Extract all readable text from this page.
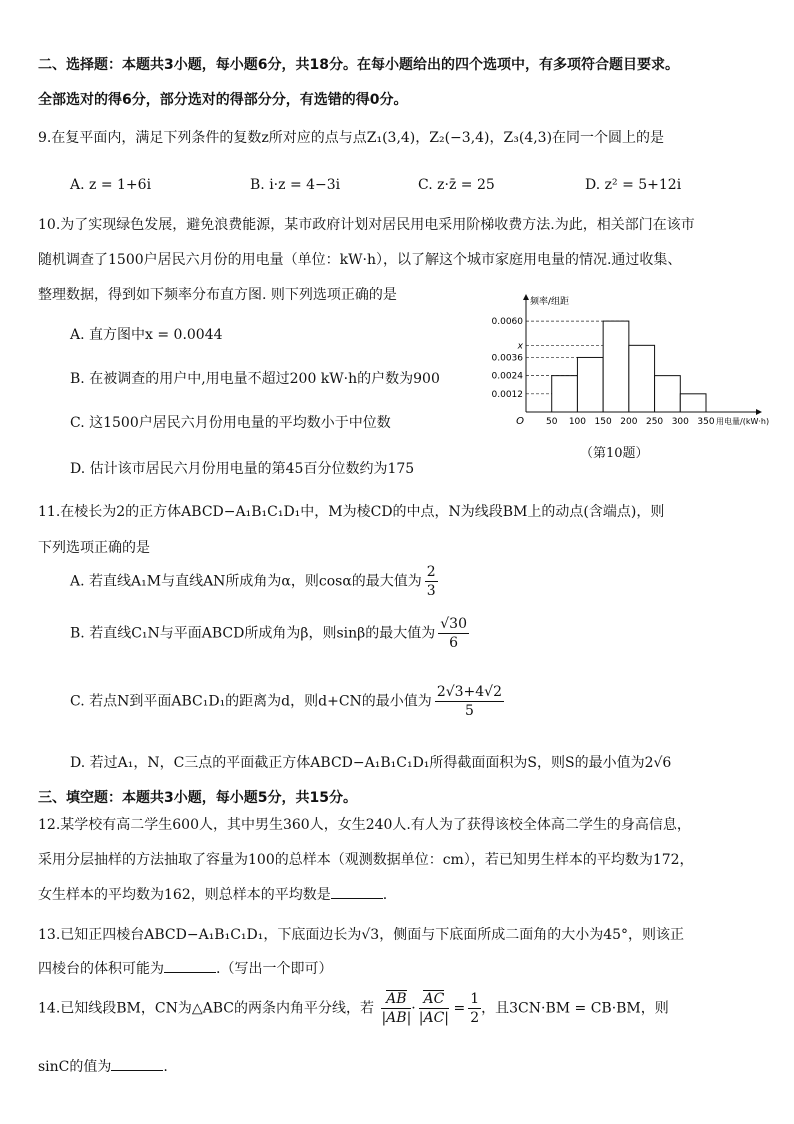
二、选择题：本题共3小题，每小题6分，共18分。在每小题给出的四个选项中，有多项符合题目要求。
全部选对的得6分，部分选对的得部分分，有选错的得0分。
9.在复平面内，满足下列条件的复数z所对应的点与点Z₁(3,4)，Z₂(−3,4)，Z₃(4,3)在同一个圆上的是
A. z = 1+6i	B. i·z = 4−3i	C. z·z̄ = 25	D. z² = 5+12i
10.为了实现绿色发展，避免浪费能源，某市政府计划对居民用电采用阶梯收费方法.为此，相关部门在该市
随机调查了1500户居民六月份的用电量（单位：kW·h），以了解这个城市家庭用电量的情况.通过收集、
整理数据，得到如下频率分布直方图. 则下列选项正确的是
A. 直方图中x = 0.0044
B. 在被调查的用户中,用电量不超过200 kW·h的户数为900
C. 这1500户居民六月份用电量的平均数小于中位数
D. 估计该市居民六月份用电量的第45百分位数约为175
0.0060
x
0.0036
0.0024
0.0012
50 100 150 200 250 300 350
O	用电量/(kW·h)
频率/组距
（第10题）
11.在棱长为2的正方体ABCD−A₁B₁C₁D₁中，M为棱CD的中点，N为线段BM上的动点(含端点)，则
下列选项正确的是
A. 若直线A₁M与直线AN所成角为α，则cosα的最大值为 $\frac{2}{3}$
B. 若直线C₁N与平面ABCD所成角为β，则sinβ的最大值为 $\frac{√30}{6}$
C. 若点N到平面ABC₁D₁的距离为d，则d+CN的最小值为 $\frac{2√3+4√2}{5}$
D. 若过A₁，N，C三点的平面截正方体ABCD−A₁B₁C₁D₁所得截面面积为S，则S的最小值为2√6
三、填空题：本题共3小题，每小题5分，共15分。
12.某学校有高二学生600人，其中男生360人，女生240人.有人为了获得该校全体高二学生的身高信息，
采用分层抽样的方法抽取了容量为100的总样本（观测数据单位：cm），若已知男生样本的平均数为172，
女生样本的平均数为162，则总样本的平均数是	.
13.已知正四棱台ABCD−A₁B₁C₁D₁，下底面边长为√3，侧面与下底面所成二面角的大小为45°，则该正
四棱台的体积可能为	.（写出一个即可）
14.已知线段BM，CN为△ABC的两条内角平分线，若 $\frac{AB}{|AB|} \cdot \frac{AC}{|AC|} = \frac{1}{2}$ ，且3CN·BM = CB·BM，则
sinC的值为	.
